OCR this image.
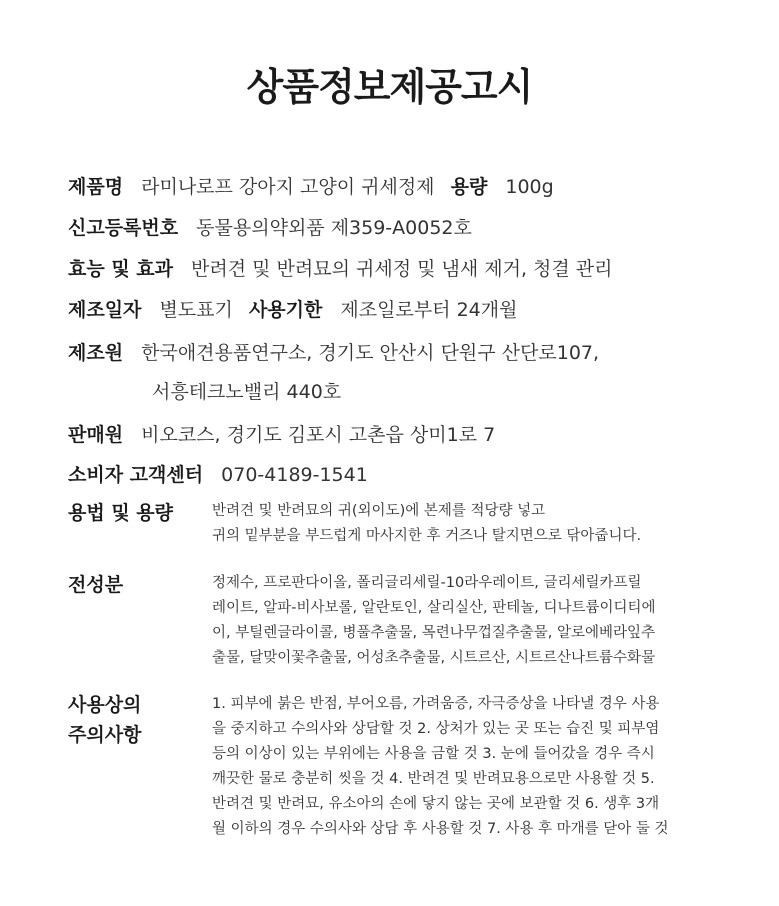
상품정보제공고시
제품명 라미나로프 강아지 고양이 귀세정제 용량 100g
신고등록번호 동물용의약외품 제359-A0052호
효능 및 효과 반려견 및 반려묘의 귀세정 및 냄새 제거, 청결 관리
제조일자 별도표기 사용기한 제조일로부터 24개월
제조원 한국애견용품연구소, 경기도 안산시 단원구 산단로107,
서흥테크노밸리 440호
판매원 비오코스, 경기도 김포시 고촌읍 상미1로 7
소비자 고객센터 070-4189-1541
용법 및 용량	반려견 및 반려묘의 귀(외이도)에 본제를 적당량 넣고
귀의 밑부분을 부드럽게 마사지한 후 거즈나 탈지면으로 닦아줍니다.
전성분	정제수, 프로판다이올, 폴리글리세릴-10라우레이트, 글리세릴카프릴
레이트, 알파-비사보롤, 알란토인, 살리실산, 판테놀, 디나트륨이디티에
이, 부틸렌글라이콜, 병풀추출물, 목련나무껍질추출물, 알로에베라잎추
출물, 달맞이꽃추출물, 어성초추출물, 시트르산, 시트르산나트륨수화물
사용상의
주의사항
1. 피부에 붉은 반점, 부어오름, 가려움증, 자극증상을 나타낼 경우 사용
을 중지하고 수의사와 상담할 것 2. 상처가 있는 곳 또는 습진 및 피부염
등의 이상이 있는 부위에는 사용을 금할 것 3. 눈에 들어갔을 경우 즉시
깨끗한 물로 충분히 씻을 것 4. 반려견 및 반려묘용으로만 사용할 것 5.
반려견 및 반려묘, 유소아의 손에 닿지 않는 곳에 보관할 것 6. 생후 3개
월 이하의 경우 수의사와 상담 후 사용할 것 7. 사용 후 마개를 닫아 둘 것
